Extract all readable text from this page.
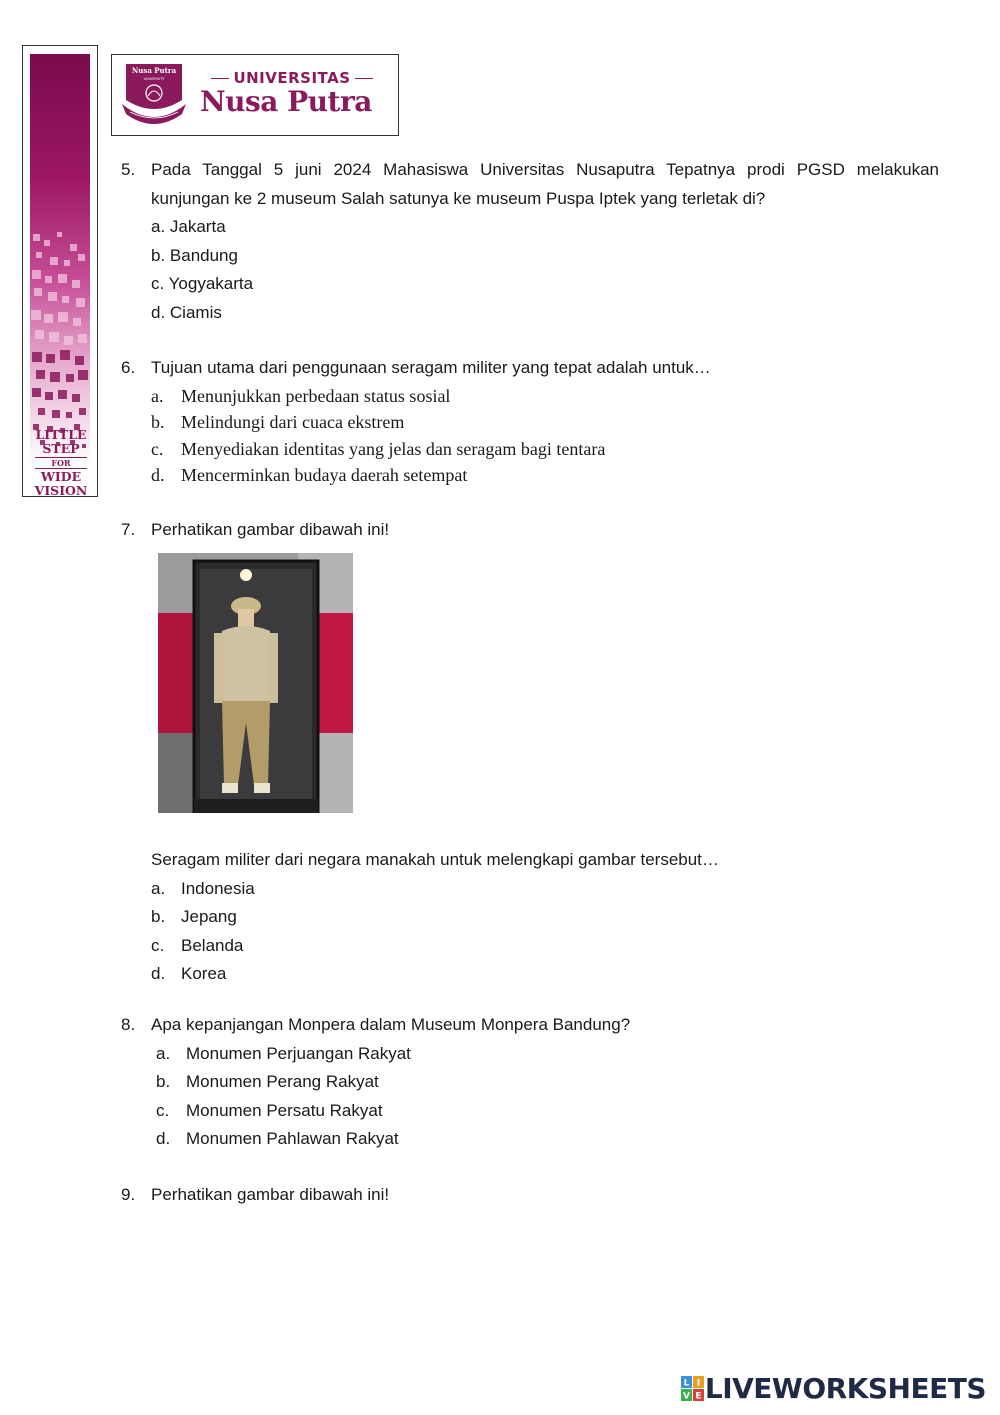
LITTLE
STEP
FOR
WIDE
VISION
Nusa Putra
UNIVERSITY	UNIVERSITAS
Nusa Putra
5. Pada Tanggal 5 juni 2024 Mahasiswa Universitas Nusaputra Tepatnya prodi PGSD melakukan kunjungan ke 2 museum Salah satunya ke museum Puspa Iptek yang terletak di?
a. Jakarta
b. Bandung
c. Yogyakarta
d. Ciamis
6. Tujuan utama dari penggunaan seragam militer yang tepat adalah untuk…
a. Menunjukkan perbedaan status sosial
b. Melindungi dari cuaca ekstrem
c. Menyediakan identitas yang jelas dan seragam bagi tentara
d. Mencerminkan budaya daerah setempat
7. Perhatikan gambar dibawah ini!
Seragam militer dari negara manakah untuk melengkapi gambar tersebut…
a. Indonesia
b. Jepang
c. Belanda
d. Korea
8. Apa kepanjangan Monpera dalam Museum Monpera Bandung?
a. Monumen Perjuangan Rakyat
b. Monumen Perang Rakyat
c. Monumen Persatu Rakyat
d. Monumen Pahlawan Rakyat
9. Perhatikan gambar dibawah ini!
L I
V E LIVEWORKSHEETS
